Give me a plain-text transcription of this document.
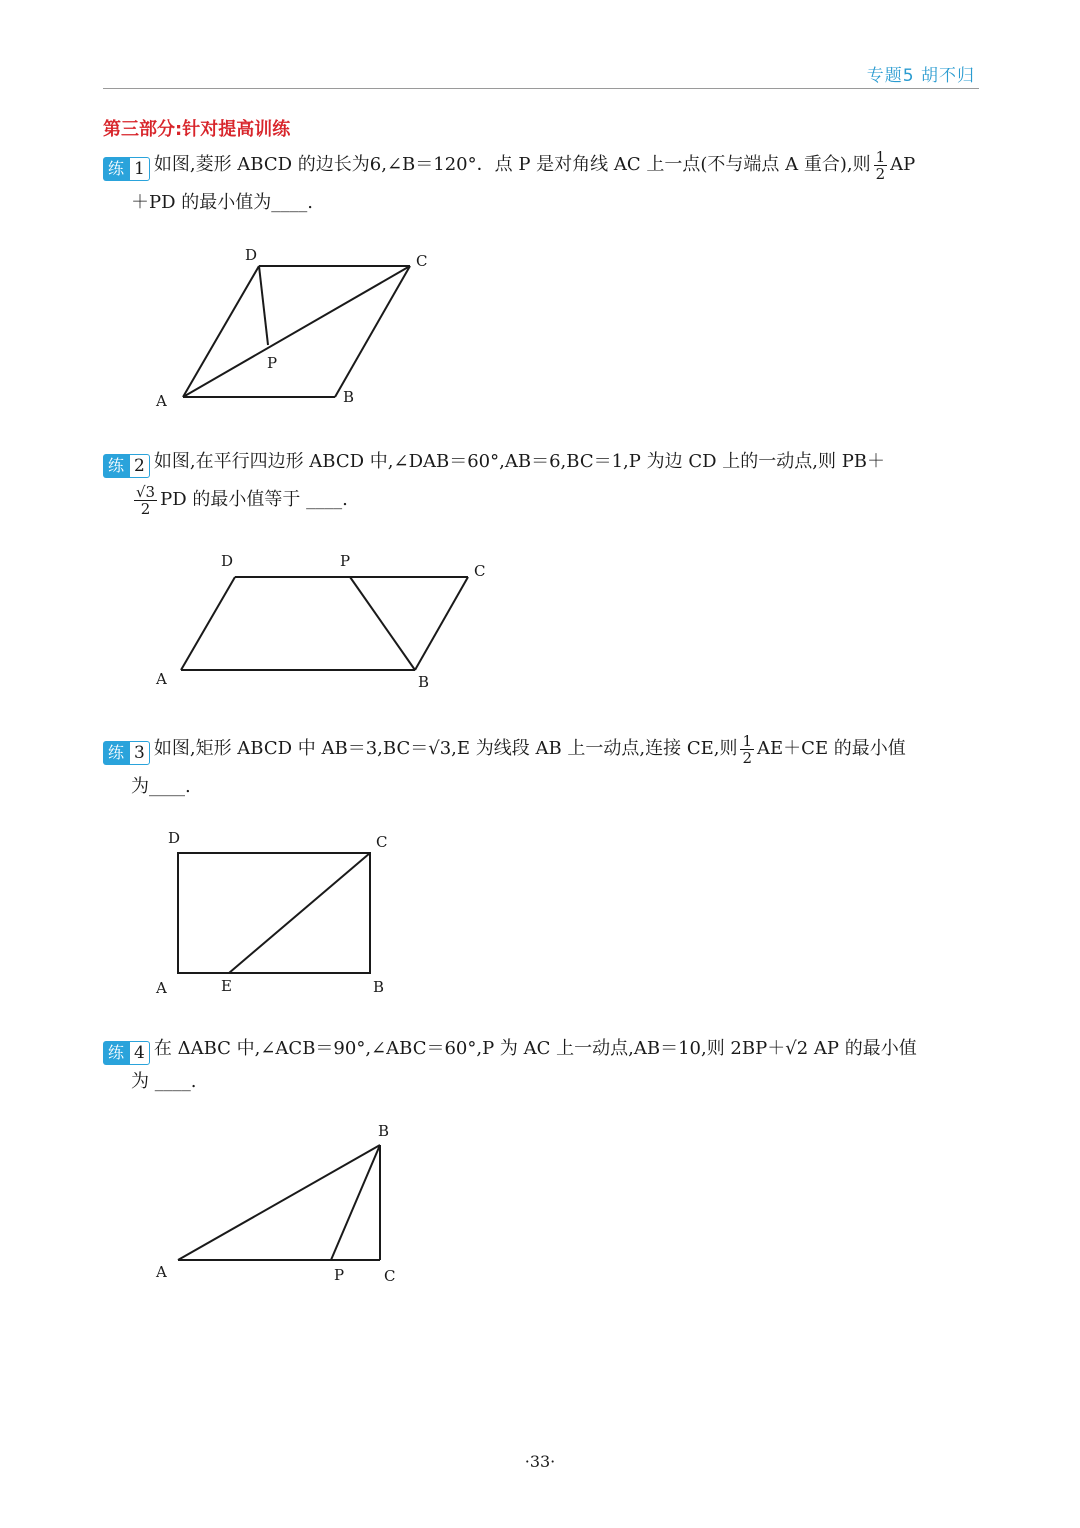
专题5 胡不归
第三部分:针对提高训练
练 1 如图,菱形 ABCD 的边长为6,∠B＝120°．点 P 是对角线 AC 上一点(不与端点 A 重合),则 $\frac{1}{2}$ AP
＋PD 的最小值为____.
D	C
P
A	B
练 2 如图,在平行四边形 ABCD 中,∠DAB＝60°,AB＝6,BC＝1,P 为边 CD 上的一动点,则 PB＋
$\frac{√3}{2}$ PD 的最小值等于 ____.
D	P
C
A	B
练 3 如图,矩形 ABCD 中 AB＝3,BC＝√3,E 为线段 AB 上一动点,连接 CE,则 $\frac{1}{2} AE+CE$ 的最小值
为____.
D	C
A	E	B
练 4 在 ΔABC 中,∠ACB＝90°,∠ABC＝60°,P 为 AC 上一动点,AB＝10,则 2BP＋√2 AP 的最小值
为 ____.
B
A	P	C
·33·
